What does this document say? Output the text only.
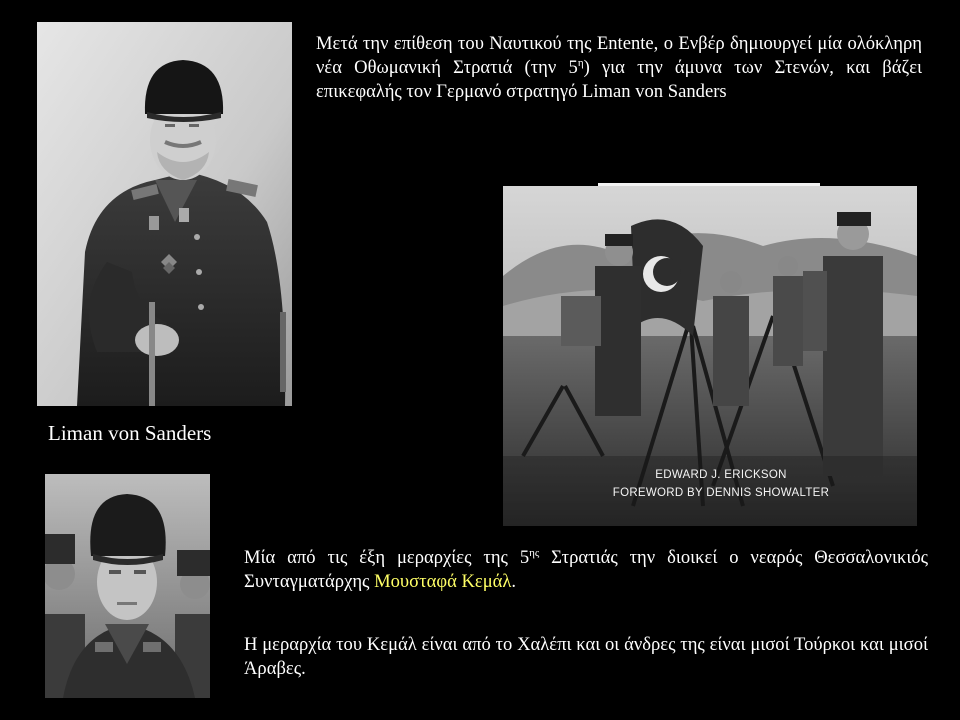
Liman von Sanders

Μετά την επίθεση του Ναυτικού της Entente, ο Ενβέρ δημιουργεί μία ολόκληρη νέα Οθωμανική Στρατιά (την $5^\eta$) για την άμυνα των Στενών, και βάζει επικεφαλής τον Γερμανό στρατηγό Liman von Sanders

EDWARD J. ERICKSON
FOREWORD BY DENNIS SHOWALTER

Μία από τις έξη μεραρχίες της $5^{\eta\varsigma}$ Στρατιάς την διοικεί ο νεαρός Θεσσαλονικιός Συνταγματάρχης Μουσταφά Κεμάλ.

Η μεραρχία του Κεμάλ είναι από το Χαλέπι και οι άνδρες της είναι μισοί Τούρκοι και μισοί Άραβες.
